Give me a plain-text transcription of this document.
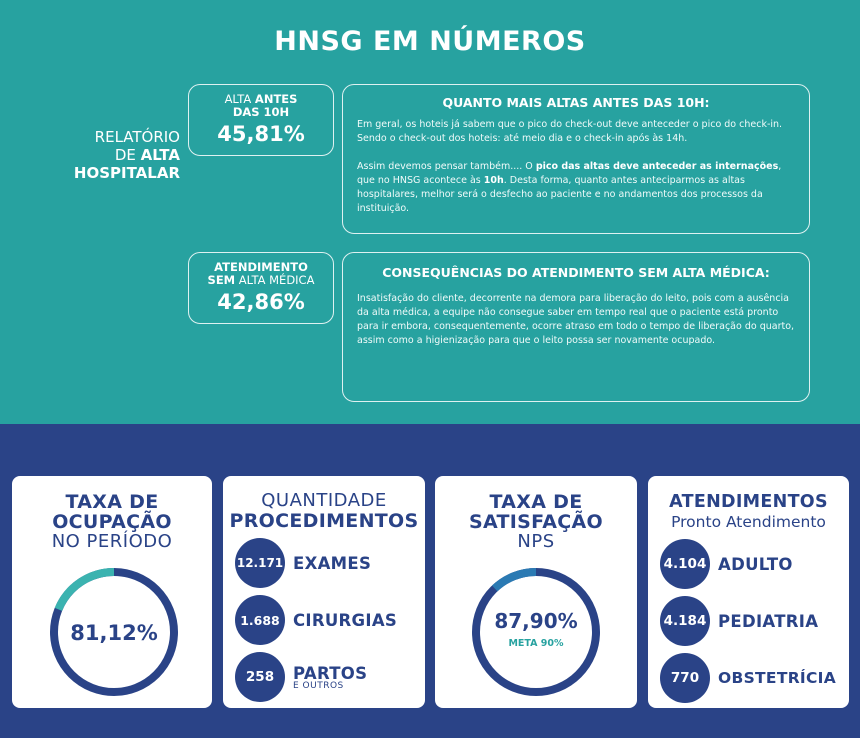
HNSG EM NÚMEROS
RELATÓRIO
DE ALTA
HOSPITALAR
ALTA ANTES
DAS 10H
45,81%
ATENDIMENTO
SEM ALTA MÉDICA
42,86%
QUANTO MAIS ALTAS ANTES DAS 10H:

Em geral, os hoteis já sabem que o pico do check-out deve anteceder o pico do check-in. Sendo o check-out dos hoteis: até meio dia e o check-in após às 14h.

Assim devemos pensar também.... O pico das altas deve anteceder as internações, que no HNSG acontece às 10h. Desta forma, quanto antes anteciparmos as altas hospitalares, melhor será o desfecho ao paciente e no andamentos dos processos da instituição.

CONSEQUÊNCIAS DO ATENDIMENTO SEM ALTA MÉDICA:

Insatisfação do cliente, decorrente na demora para liberação do leito, pois com a ausência da alta médica, a equipe não consegue saber em tempo real que o paciente está pronto para ir embora, consequentemente, ocorre atraso em todo o tempo de liberação do quarto, assim como a higienização para que o leito possa ser novamente ocupado.

TAXA DE
OCUPAÇÃO
NO PERÍODO
81,12%
QUANTIDADE
PROCEDIMENTOS
12.171 EXAMES
1.688 CIRURGIAS
258	PARTOS
E OUTROS
TAXA DE
SATISFAÇÃO
NPS
87,90%
META 90%
ATENDIMENTOS
Pronto Atendimento
4.104 ADULTO
4.184 PEDIATRIA
770	OBSTETRÍCIA
